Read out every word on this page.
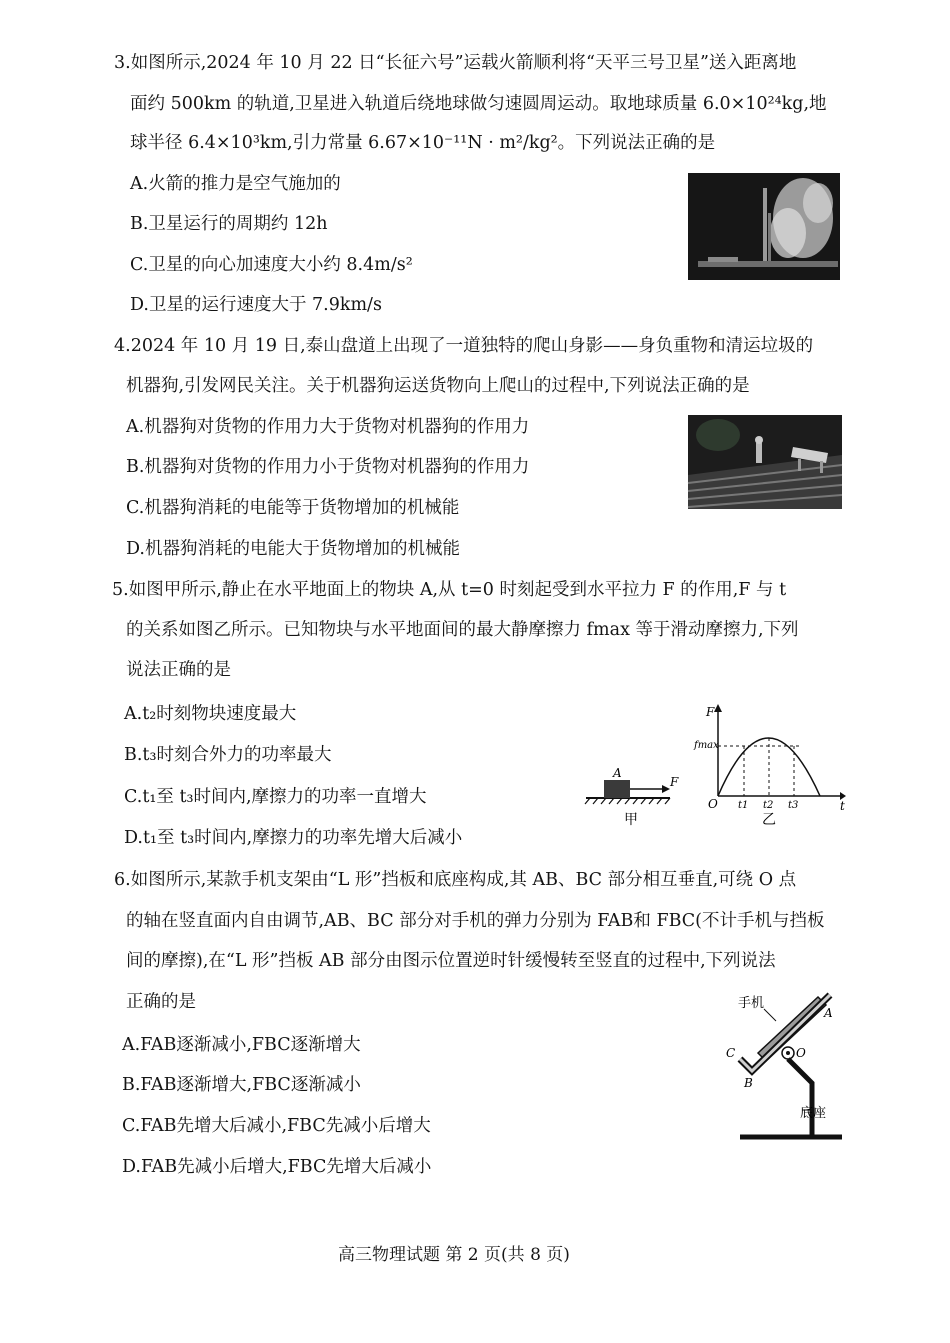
3.如图所示,2024 年 10 月 22 日“长征六号”运载火箭顺利将“天平三号卫星”送入距离地
面约 500km 的轨道,卫星进入轨道后绕地球做匀速圆周运动。取地球质量 6.0×10²⁴kg,地
球半径 6.4×10³km,引力常量 6.67×10⁻¹¹N · m²/kg²。下列说法正确的是
A.火箭的推力是空气施加的
B.卫星运行的周期约 12h
C.卫星的向心加速度大小约 8.4m/s²
D.卫星的运行速度大于 7.9km/s
4.2024 年 10 月 19 日,泰山盘道上出现了一道独特的爬山身影——身负重物和清运垃圾的
机器狗,引发网民关注。关于机器狗运送货物向上爬山的过程中,下列说法正确的是
A.机器狗对货物的作用力大于货物对机器狗的作用力
B.机器狗对货物的作用力小于货物对机器狗的作用力
C.机器狗消耗的电能等于货物增加的机械能
D.机器狗消耗的电能大于货物增加的机械能
5.如图甲所示,静止在水平地面上的物块 A,从 t=0 时刻起受到水平拉力 F 的作用,F 与 t
的关系如图乙所示。已知物块与水平地面间的最大静摩擦力 fmax 等于滑动摩擦力,下列
说法正确的是
A.t₂时刻物块速度最大
B.t₃时刻合外力的功率最大
C.t₁至 t₃时间内,摩擦力的功率一直增大
D.t₁至 t₃时间内,摩擦力的功率先增大后减小
A
F
甲
F
t
O
fmax
t1 t2 t3
乙
6.如图所示,某款手机支架由“L 形”挡板和底座构成,其 AB、BC 部分相互垂直,可绕 O 点
的轴在竖直面内自由调节,AB、BC 部分对手机的弹力分别为 FAB和 FBC(不计手机与挡板
间的摩擦),在“L 形”挡板 AB 部分由图示位置逆时针缓慢转至竖直的过程中,下列说法
正确的是
A.FAB逐渐减小,FBC逐渐增大
B.FAB逐渐增大,FBC逐渐减小
C.FAB先增大后减小,FBC先减小后增大
D.FAB先减小后增大,FBC先增大后减小
手机
A
B
C	O
底座
高三物理试题 第 2 页(共 8 页)
